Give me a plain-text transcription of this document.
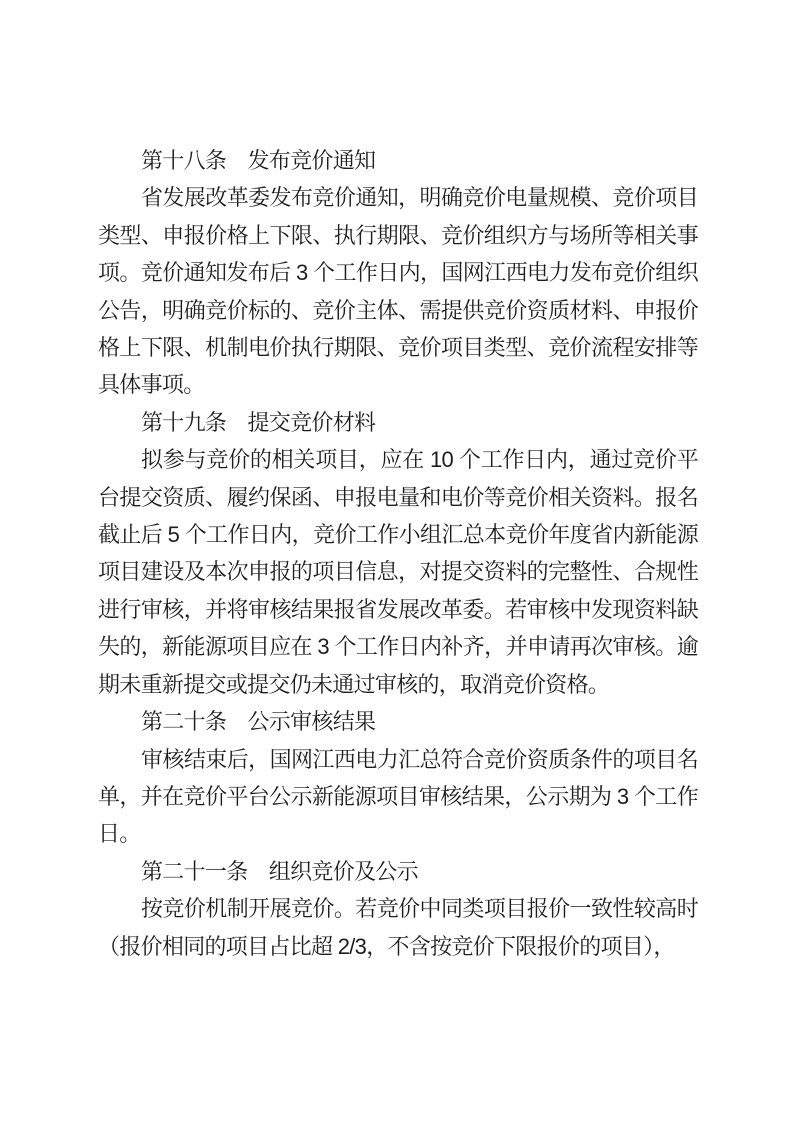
第十八条　发布竞价通知

省发展改革委发布竞价通知，明确竞价电量规模、竞价项目类型、申报价格上下限、执行期限、竞价组织方与场所等相关事项。竞价通知发布后 3 个工作日内，国网江西电力发布竞价组织公告，明确竞价标的、竞价主体、需提供竞价资质材料、申报价格上下限、机制电价执行期限、竞价项目类型、竞价流程安排等具体事项。

第十九条　提交竞价材料

拟参与竞价的相关项目，应在 10 个工作日内，通过竞价平台提交资质、履约保函、申报电量和电价等竞价相关资料。报名截止后 5 个工作日内，竞价工作小组汇总本竞价年度省内新能源项目建设及本次申报的项目信息，对提交资料的完整性、合规性进行审核，并将审核结果报省发展改革委。若审核中发现资料缺失的，新能源项目应在 3 个工作日内补齐，并申请再次审核。逾期未重新提交或提交仍未通过审核的，取消竞价资格。

第二十条　公示审核结果

审核结束后，国网江西电力汇总符合竞价资质条件的项目名单，并在竞价平台公示新能源项目审核结果，公示期为 3 个工作日。

第二十一条　组织竞价及公示

按竞价机制开展竞价。若竞价中同类项目报价一致性较高时（报价相同的项目占比超 2/3，不含按竞价下限报价的项目），
